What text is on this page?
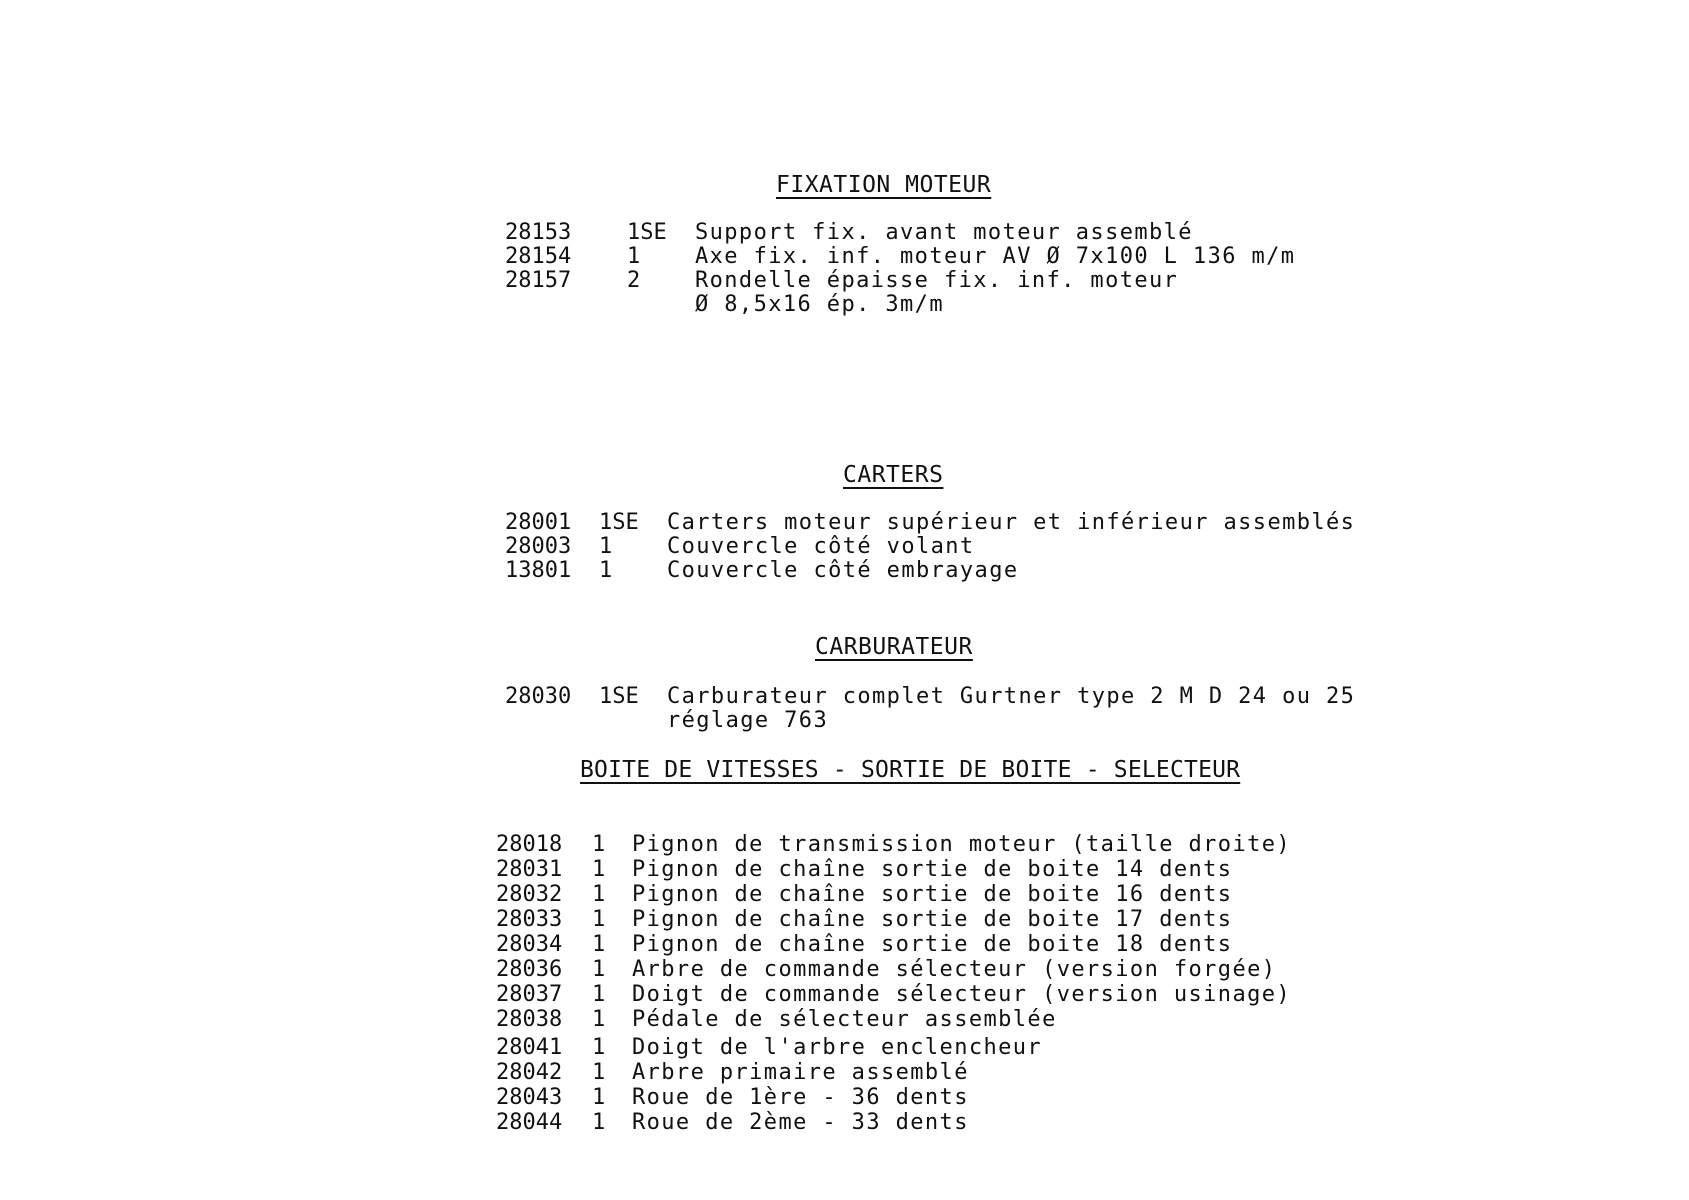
FIXATION MOTEUR
28153	1SE Support fix. avant moteur assemblé
28154	1 Axe fix. inf. moteur AV Ø 7x100 L 136 m/m
28157	2 Rondelle épaisse fix. inf. moteur
Ø 8,5x16 ép. 3m/m
CARTERS
28001 1SE Carters moteur supérieur et inférieur assemblés
28003 1 Couvercle côté volant
13801 1 Couvercle côté embrayage
CARBURATEUR
28030 1SE Carburateur complet Gurtner type 2 M D 24 ou 25
réglage 763
BOITE DE VITESSES - SORTIE DE BOITE - SELECTEUR
28018 1 Pignon de transmission moteur (taille droite)
28031 1 Pignon de chaîne sortie de boite 14 dents
28032 1 Pignon de chaîne sortie de boite 16 dents
28033 1 Pignon de chaîne sortie de boite 17 dents
28034 1 Pignon de chaîne sortie de boite 18 dents
28036 1 Arbre de commande sélecteur (version forgée)
28037 1 Doigt de commande sélecteur (version usinage)
28038 1 Pédale de sélecteur assemblée
28041 1 Doigt de l'arbre enclencheur
28042 1 Arbre primaire assemblé
28043 1 Roue de 1ère - 36 dents
28044 1 Roue de 2ème - 33 dents
